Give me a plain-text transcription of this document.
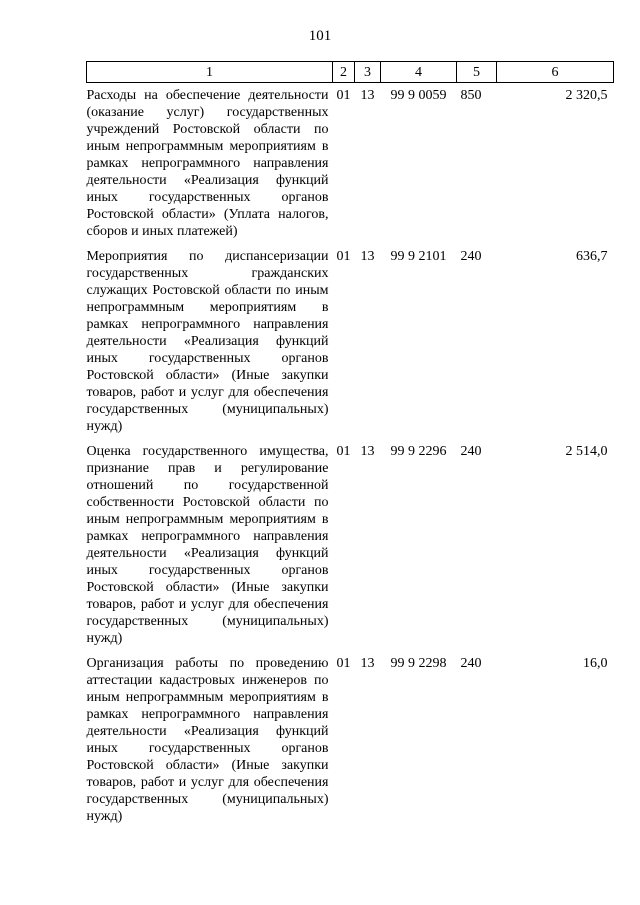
101
1	2	3	4	5	6
Расходы на обеспечение деятельности (оказание услуг) государственных учреждений Ростовской области по иным непрограммным мероприятиям в рамках непрограммного направления деятельности «Реализация функций иных государственных органов Ростовской области» (Уплата налогов, сборов и иных платежей)	01	13	99 9 0059	850	2 320,5
Мероприятия по диспансеризации государственных гражданских служащих Ростовской области по иным непрограммным мероприятиям в рамках непрограммного направления деятельности «Реализация функций иных государственных органов Ростовской области» (Иные закупки товаров, работ и услуг для обеспечения государственных (муниципальных) нужд)	01	13	99 9 2101	240	636,7
Оценка государственного имущества, признание прав и регулирование отношений по государственной собственности Ростовской области по иным непрограммным мероприятиям в рамках непрограммного направления деятельности «Реализация функций иных государственных органов Ростовской области» (Иные закупки товаров, работ и услуг для обеспечения государственных (муниципальных) нужд)	01	13	99 9 2296	240	2 514,0
Организация работы по проведению аттестации кадастровых инженеров по иным непрограммным мероприятиям в рамках непрограммного направления деятельности «Реализация функций иных государственных органов Ростовской области» (Иные закупки товаров, работ и услуг для обеспечения государственных (муниципальных) нужд)	01	13	99 9 2298	240	16,0
